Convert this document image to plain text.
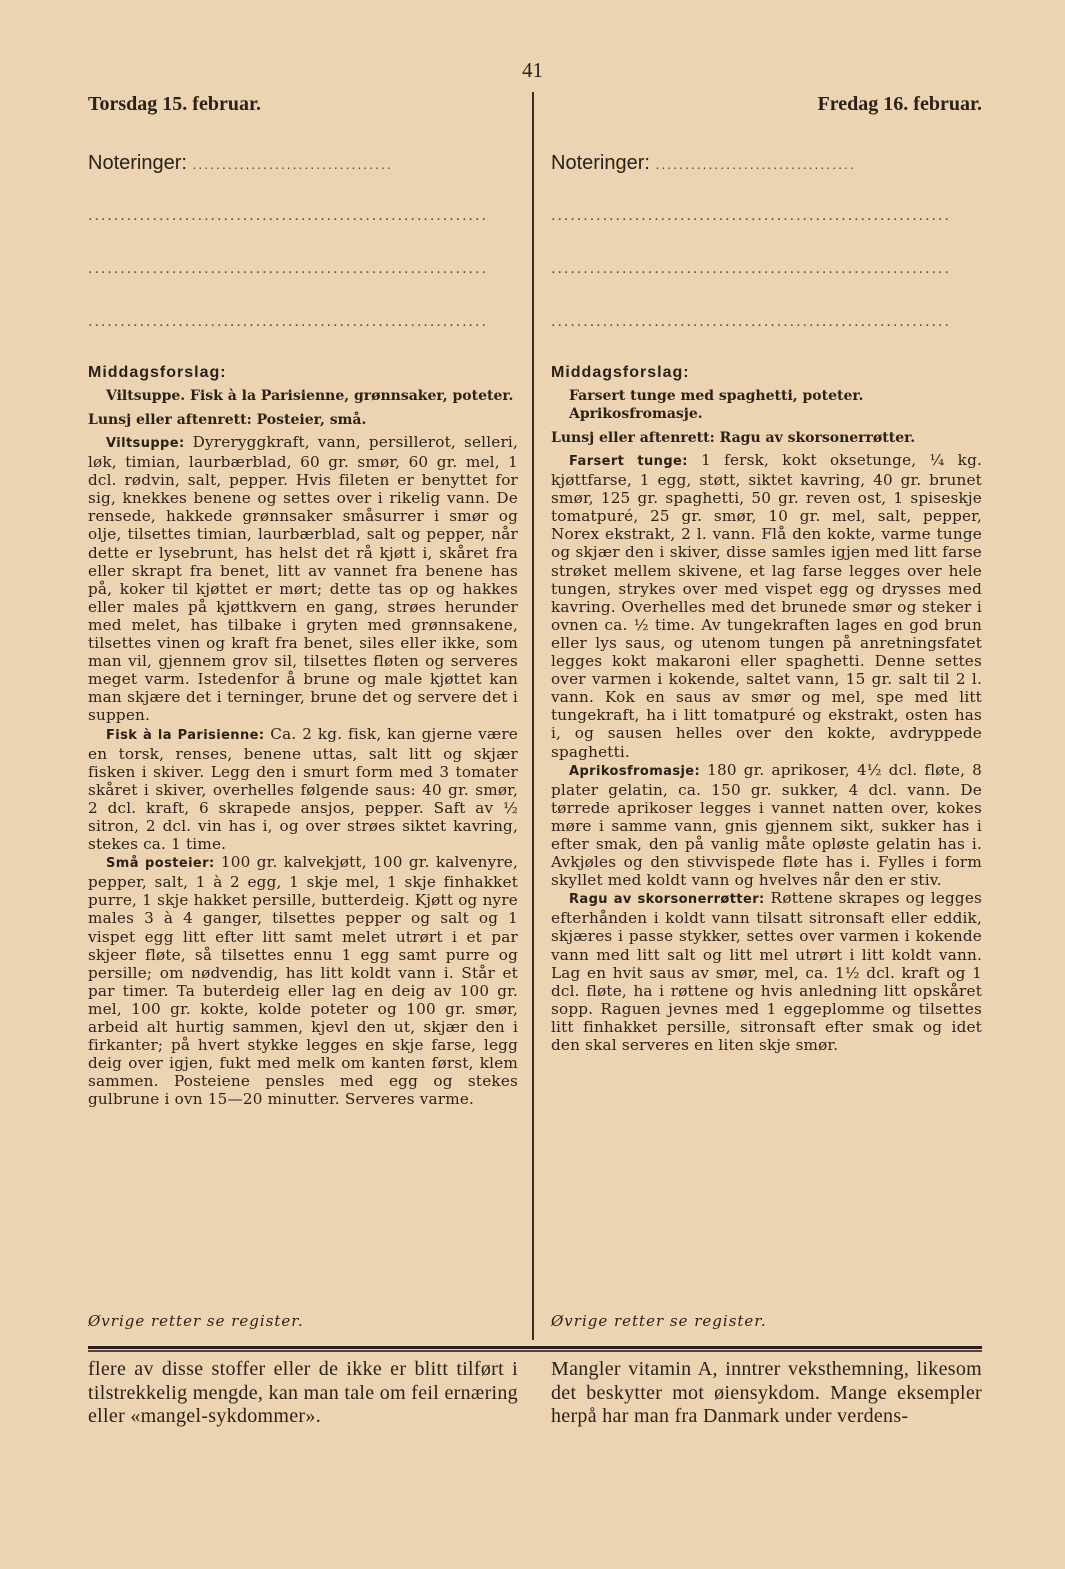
41
Torsdag 15. februar.
Noteringer: ..................................
..............................................................
..............................................................
..............................................................
Middagsforslag:
Viltsuppe. Fisk à la Parisienne, grønnsaker, poteter.
Lunsj eller aftenrett: Posteier, små.
Viltsuppe: Dyreryggkraft, vann, persillerot, selleri, løk, timian, laurbærblad, 60 gr. smør, 60 gr. mel, 1 dcl. rødvin, salt, pepper. Hvis fileten er benyttet for sig, knekkes benene og settes over i rikelig vann. De rensede, hakkede grønnsaker småsurrer i smør og olje, tilsettes timian, laurbærblad, salt og pepper, når dette er lysebrunt, has helst det rå kjøtt i, skåret fra eller skrapt fra benet, litt av vannet fra benene has på, koker til kjøttet er mørt; dette tas op og hakkes eller males på kjøttkvern en gang, strøes herunder med melet, has tilbake i gryten med grønnsakene, tilsettes vinen og kraft fra benet, siles eller ikke, som man vil, gjennem grov sil, tilsettes fløten og serveres meget varm. Istedenfor å brune og male kjøttet kan man skjære det i terninger, brune det og servere det i suppen.
Fisk à la Parisienne: Ca. 2 kg. fisk, kan gjerne være en torsk, renses, benene uttas, salt litt og skjær fisken i skiver. Legg den i smurt form med 3 tomater skåret i skiver, overhelles følgende saus: 40 gr. smør, 2 dcl. kraft, 6 skrapede ansjos, pepper. Saft av ½ sitron, 2 dcl. vin has i, og over strøes siktet kavring, stekes ca. 1 time.
Små posteier: 100 gr. kalvekjøtt, 100 gr. kalvenyre, pepper, salt, 1 à 2 egg, 1 skje mel, 1 skje finhakket purre, 1 skje hakket persille, butterdeig. Kjøtt og nyre males 3 à 4 ganger, tilsettes pepper og salt og 1 vispet egg litt efter litt samt melet utrørt i et par skjeer fløte, så tilsettes ennu 1 egg samt purre og persille; om nødvendig, has litt koldt vann i. Står et par timer. Ta buterdeig eller lag en deig av 100 gr. mel, 100 gr. kokte, kolde poteter og 100 gr. smør, arbeid alt hurtig sammen, kjevl den ut, skjær den i firkanter; på hvert stykke legges en skje farse, legg deig over igjen, fukt med melk om kanten først, klem sammen. Posteiene pensles med egg og stekes gulbrune i ovn 15—20 minutter. Serveres varme.
Øvrige retter se register.
Fredag 16. februar.
Noteringer: ..................................
..............................................................
..............................................................
..............................................................
Middagsforslag:
Farsert tunge med spaghetti, poteter. Aprikosfromasje.
Lunsj eller aftenrett: Ragu av skorsonerrøtter.
Farsert tunge: 1 fersk, kokt oksetunge, ¼ kg. kjøttfarse, 1 egg, støtt, siktet kavring, 40 gr. brunet smør, 125 gr. spaghetti, 50 gr. reven ost, 1 spiseskje tomatpuré, 25 gr. smør, 10 gr. mel, salt, pepper, Norex ekstrakt, 2 l. vann. Flå den kokte, varme tunge og skjær den i skiver, disse samles igjen med litt farse strøket mellem skivene, et lag farse legges over hele tungen, strykes over med vispet egg og drysses med kavring. Overhelles med det brunede smør og steker i ovnen ca. ½ time. Av tungekraften lages en god brun eller lys saus, og utenom tungen på anretningsfatet legges kokt makaroni eller spaghetti. Denne settes over varmen i kokende, saltet vann, 15 gr. salt til 2 l. vann. Kok en saus av smør og mel, spe med litt tungekraft, ha i litt tomatpuré og ekstrakt, osten has i, og sausen helles over den kokte, avdryppede spaghetti.
Aprikosfromasje: 180 gr. aprikoser, 4½ dcl. fløte, 8 plater gelatin, ca. 150 gr. sukker, 4 dcl. vann. De tørrede aprikoser legges i vannet natten over, kokes møre i samme vann, gnis gjennem sikt, sukker has i efter smak, den på vanlig måte opløste gelatin has i. Avkjøles og den stivvispede fløte has i. Fylles i form skyllet med koldt vann og hvelves når den er stiv.
Ragu av skorsonerrøtter: Røttene skrapes og legges efterhånden i koldt vann tilsatt sitronsaft eller eddik, skjæres i passe stykker, settes over varmen i kokende vann med litt salt og litt mel utrørt i litt koldt vann. Lag en hvit saus av smør, mel, ca. 1½ dcl. kraft og 1 dcl. fløte, ha i røttene og hvis anledning litt opskåret sopp. Raguen jevnes med 1 eggeplomme og tilsettes litt finhakket persille, sitronsaft efter smak og idet den skal serveres en liten skje smør.
Øvrige retter se register.
flere av disse stoffer eller de ikke er blitt tilført i tilstrekkelig mengde, kan man tale om feil ernæring eller «mangel-sykdommer».
Mangler vitamin A, inntrer veksthemning, likesom det beskytter mot øiensykdom. Mange eksempler herpå har man fra Danmark under verdens-
